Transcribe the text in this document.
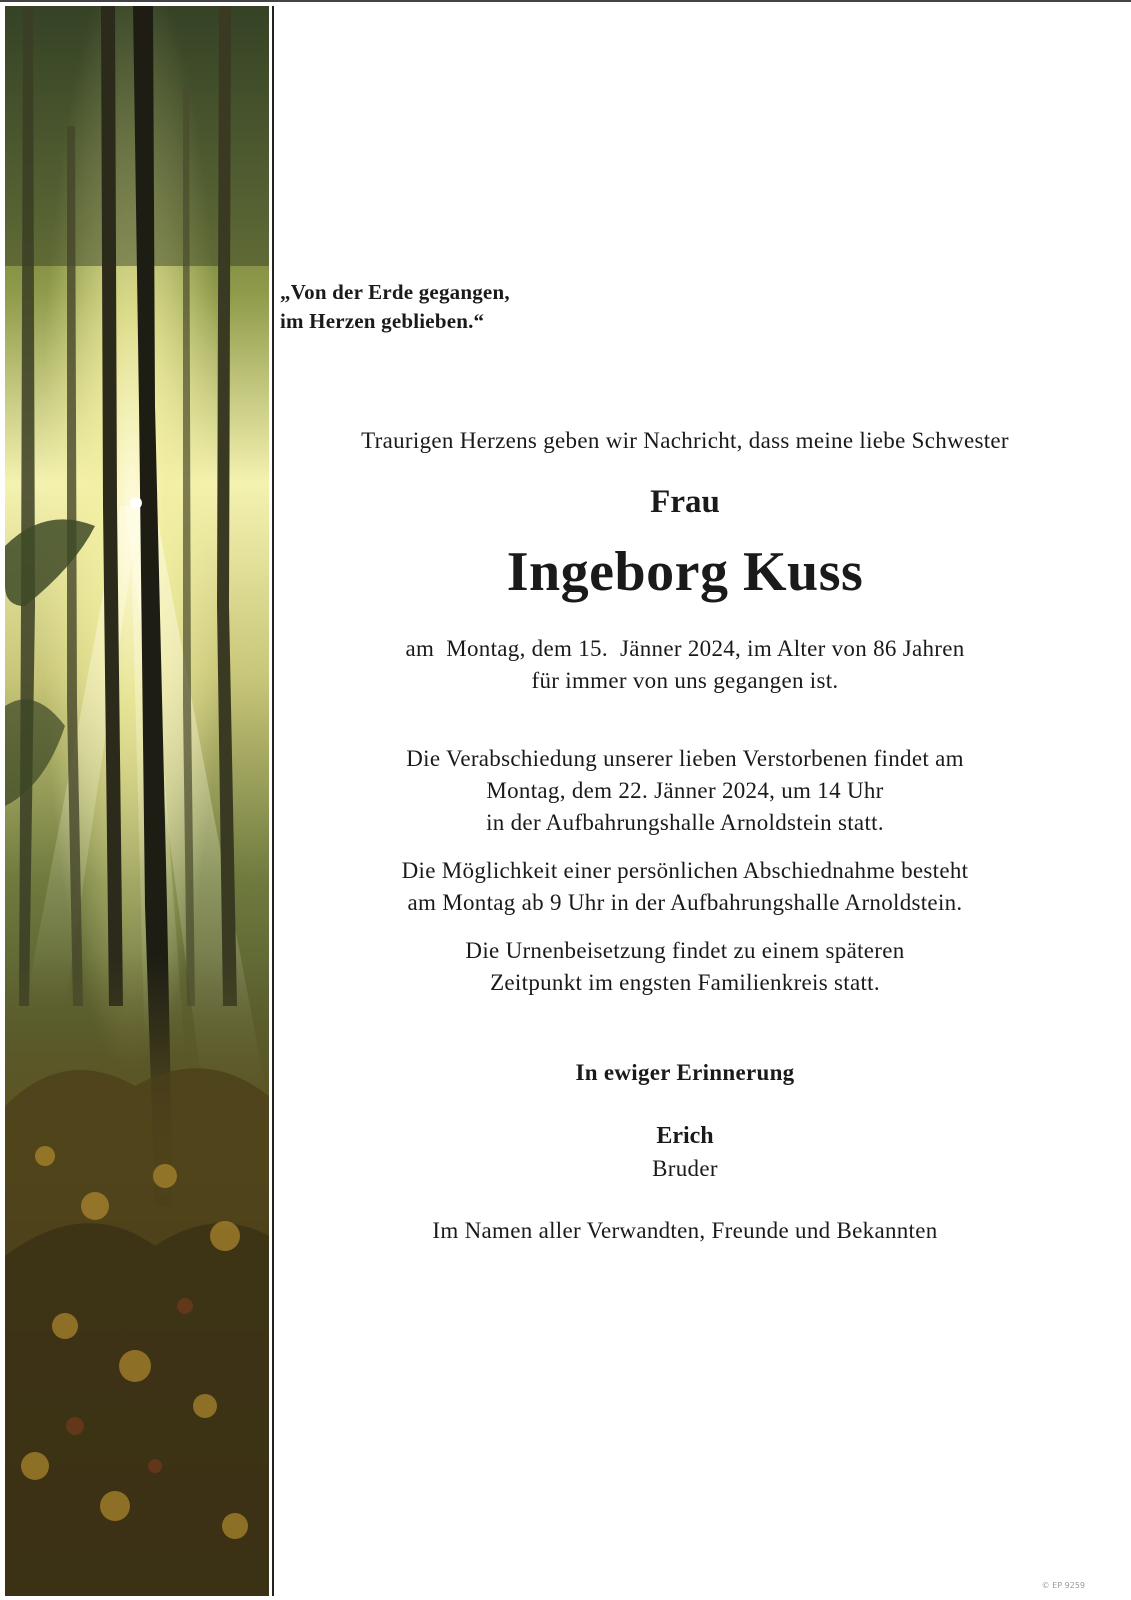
„Von der Erde gegangen,
im Herzen geblieben.“
Traurigen Herzens geben wir Nachricht, dass meine liebe Schwester
Frau
Ingeborg Kuss
am  Montag, dem 15.  Jänner 2024, im Alter von 86 Jahren
für immer von uns gegangen ist.
Die Verabschiedung unserer lieben Verstorbenen findet am
Montag, dem 22. Jänner 2024, um 14 Uhr
in der Aufbahrungshalle Arnoldstein statt.
Die Möglichkeit einer persönlichen Abschiednahme besteht
am Montag ab 9 Uhr in der Aufbahrungshalle Arnoldstein.
Die Urnenbeisetzung findet zu einem späteren
Zeitpunkt im engsten Familienkreis statt.
In ewiger Erinnerung
Erich
Bruder
Im Namen aller Verwandten, Freunde und Bekannten
© EP 9259
